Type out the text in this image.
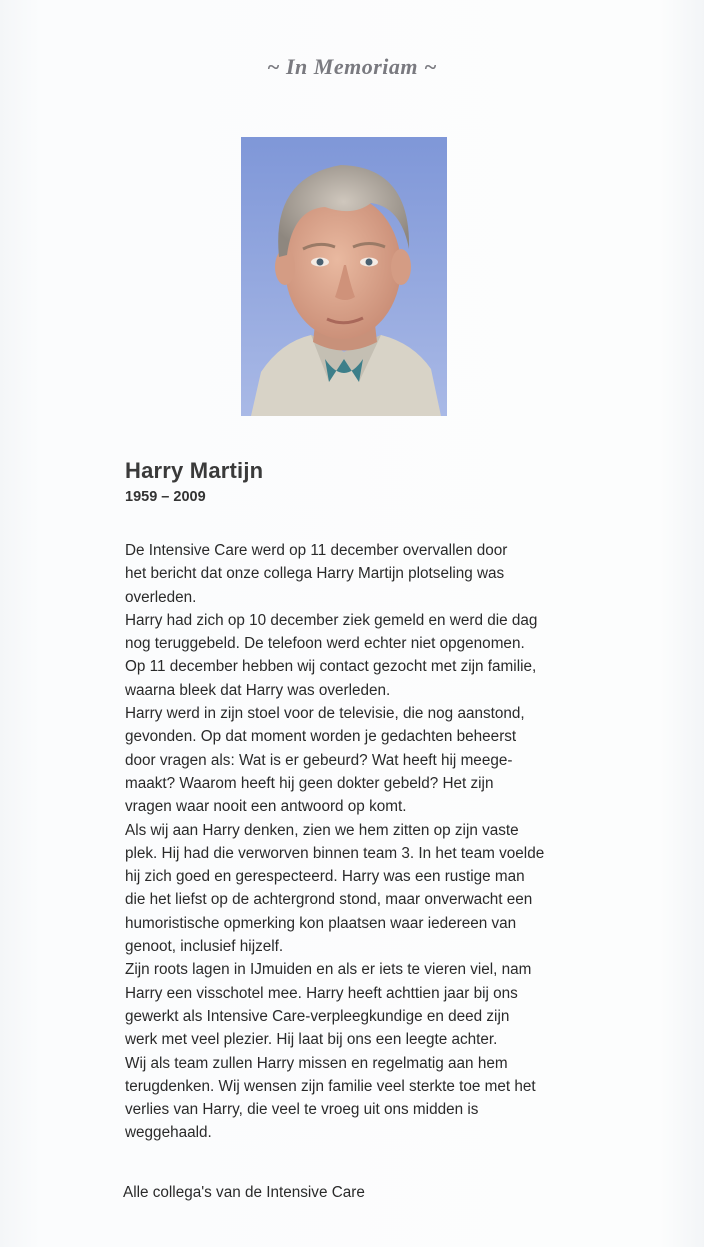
~ In Memoriam ~
Harry Martijn

1959 – 2009

De Intensive Care werd op 11 december overvallen door
het bericht dat onze collega Harry Martijn plotseling was
overleden.
Harry had zich op 10 december ziek gemeld en werd die dag
nog teruggebeld. De telefoon werd echter niet opgenomen.
Op 11 december hebben wij contact gezocht met zijn familie,
waarna bleek dat Harry was overleden.
Harry werd in zijn stoel voor de televisie, die nog aanstond,
gevonden. Op dat moment worden je gedachten beheerst
door vragen als: Wat is er gebeurd? Wat heeft hij meege-
maakt? Waarom heeft hij geen dokter gebeld? Het zijn
vragen waar nooit een antwoord op komt.
Als wij aan Harry denken, zien we hem zitten op zijn vaste
plek. Hij had die verworven binnen team 3. In het team voelde
hij zich goed en gerespecteerd. Harry was een rustige man
die het liefst op de achtergrond stond, maar onverwacht een
humoristische opmerking kon plaatsen waar iedereen van
genoot, inclusief hijzelf.
Zijn roots lagen in IJmuiden en als er iets te vieren viel, nam
Harry een visschotel mee. Harry heeft achttien jaar bij ons
gewerkt als Intensive Care-verpleegkundige en deed zijn
werk met veel plezier. Hij laat bij ons een leegte achter.
Wij als team zullen Harry missen en regelmatig aan hem
terugdenken. Wij wensen zijn familie veel sterkte toe met het
verlies van Harry, die veel te vroeg uit ons midden is
weggehaald.

Alle collega's van de Intensive Care
